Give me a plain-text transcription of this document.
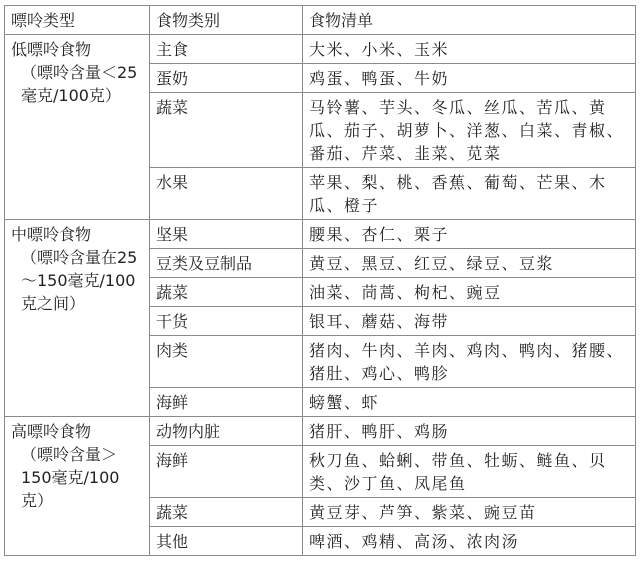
嘌呤类型	食物类别	食物清单

低嘌呤食物
（嘌呤含量＜25毫克/100克）	主食	大米、小米、玉米
	蛋奶	鸡蛋、鸭蛋、牛奶
	蔬菜	马铃薯、芋头、冬瓜、丝瓜、苦瓜、黄瓜、茄子、胡萝卜、洋葱、白菜、青椒、番茄、芹菜、韭菜、苋菜
	水果	苹果、梨、桃、香蕉、葡萄、芒果、木瓜、橙子

中嘌呤食物
（嘌呤含量在25～150毫克/100克之间）	坚果	腰果、杏仁、栗子
	豆类及豆制品	黄豆、黑豆、红豆、绿豆、豆浆
	蔬菜	油菜、茼蒿、枸杞、豌豆
	干货	银耳、蘑菇、海带
	肉类	猪肉、牛肉、羊肉、鸡肉、鸭肉、猪腰、猪肚、鸡心、鸭胗
	海鲜	螃蟹、虾

高嘌呤食物
（嘌呤含量＞150毫克/100克）	动物内脏	猪肝、鸭肝、鸡肠
	海鲜	秋刀鱼、蛤蜊、带鱼、牡蛎、鲢鱼、贝类、沙丁鱼、凤尾鱼
	蔬菜	黄豆芽、芦笋、紫菜、豌豆苗
	其他	啤酒、鸡精、高汤、浓肉汤
